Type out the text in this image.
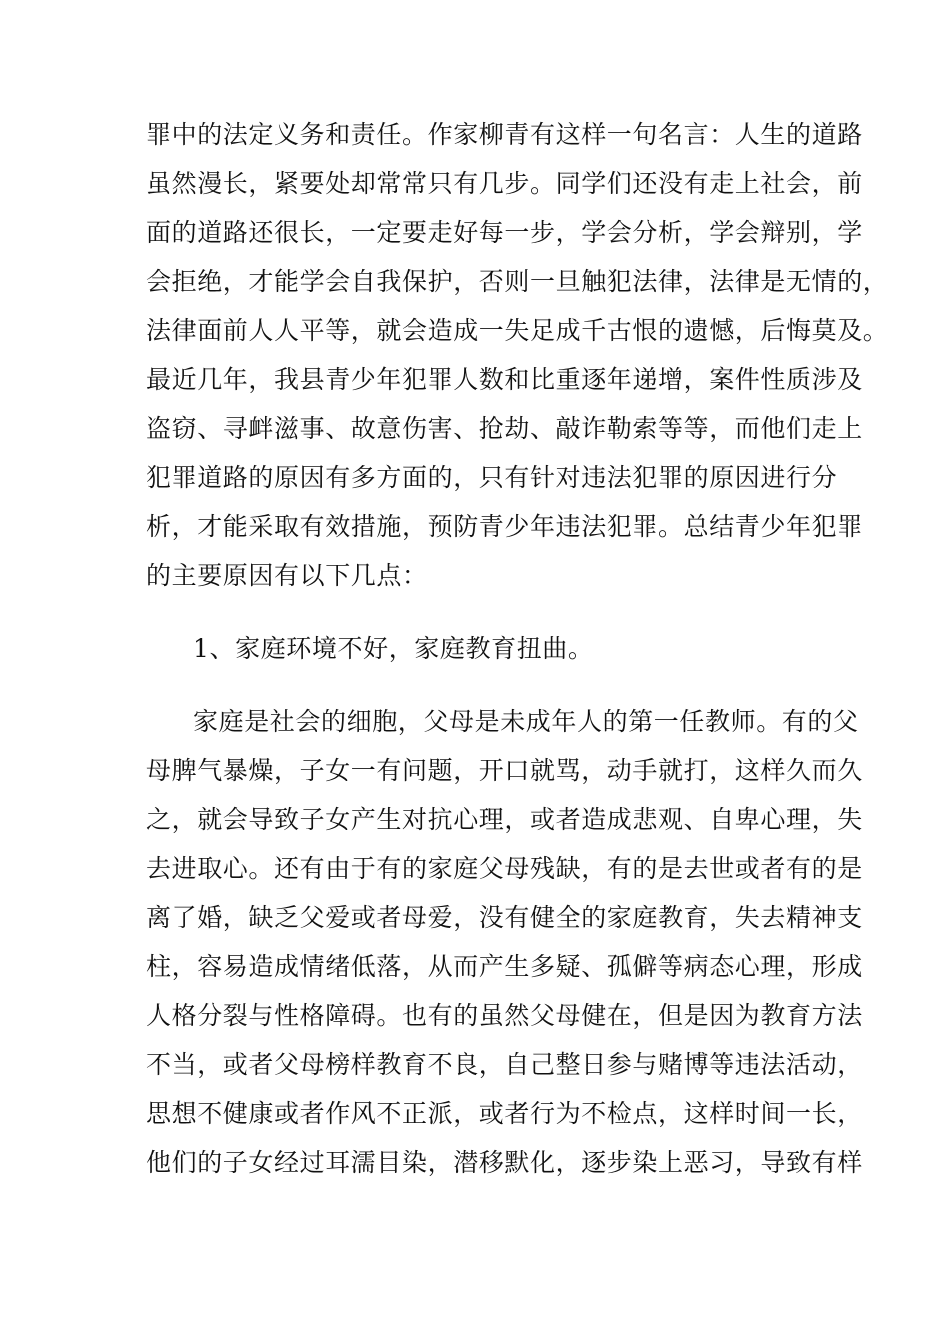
罪中的法定义务和责任。作家柳青有这样一句名言：人生的道路
虽然漫长，紧要处却常常只有几步。同学们还没有走上社会，前
面的道路还很长，一定要走好每一步，学会分析，学会辩别，学
会拒绝，才能学会自我保护，否则一旦触犯法律，法律是无情的，
法律面前人人平等，就会造成一失足成千古恨的遗憾，后悔莫及。
最近几年，我县青少年犯罪人数和比重逐年递增，案件性质涉及
盗窃、寻衅滋事、故意伤害、抢劫、敲诈勒索等等，而他们走上
犯罪道路的原因有多方面的，只有针对违法犯罪的原因进行分
析，才能采取有效措施，预防青少年违法犯罪。总结青少年犯罪
的主要原因有以下几点：
1、家庭环境不好，家庭教育扭曲。
家庭是社会的细胞，父母是未成年人的第一任教师。有的父
母脾气暴燥，子女一有问题，开口就骂，动手就打，这样久而久
之，就会导致子女产生对抗心理，或者造成悲观、自卑心理，失
去进取心。还有由于有的家庭父母残缺，有的是去世或者有的是
离了婚，缺乏父爱或者母爱，没有健全的家庭教育，失去精神支
柱，容易造成情绪低落，从而产生多疑、孤僻等病态心理，形成
人格分裂与性格障碍。也有的虽然父母健在，但是因为教育方法
不当，或者父母榜样教育不良，自己整日参与赌博等违法活动，
思想不健康或者作风不正派，或者行为不检点，这样时间一长，
他们的子女经过耳濡目染，潜移默化，逐步染上恶习，导致有样
